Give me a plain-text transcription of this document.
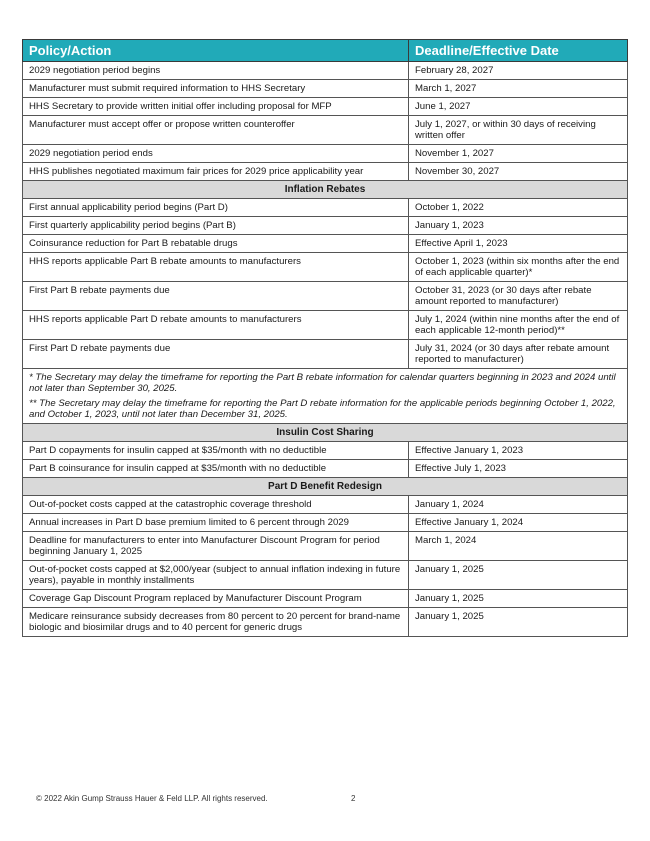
Policy/Action	Deadline/Effective Date
2029 negotiation period begins	February 28, 2027
Manufacturer must submit required information to HHS Secretary	March 1, 2027
HHS Secretary to provide written initial offer including proposal for MFP	June 1, 2027
Manufacturer must accept offer or propose written counteroffer	July 1, 2027, or within 30 days of receiving written offer
2029 negotiation period ends	November 1, 2027
HHS publishes negotiated maximum fair prices for 2029 price applicability year	November 30, 2027
Inflation Rebates	
First annual applicability period begins (Part D)	October 1, 2022
First quarterly applicability period begins (Part B)	January 1, 2023
Coinsurance reduction for Part B rebatable drugs	Effective April 1, 2023
HHS reports applicable Part B rebate amounts to manufacturers	October 1, 2023 (within six months after the end of each applicable quarter)*
First Part B rebate payments due	October 31, 2023 (or 30 days after rebate amount reported to manufacturer)
HHS reports applicable Part D rebate amounts to manufacturers	July 1, 2024 (within nine months after the end of each applicable 12-month period)**
First Part D rebate payments due	July 31, 2024 (or 30 days after rebate amount reported to manufacturer)

* The Secretary may delay the timeframe for reporting the Part B rebate information for calendar quarters beginning in 2023 and 2024 until not later than September 30, 2025.

** The Secretary may delay the timeframe for reporting the Part D rebate information for the applicable periods beginning October 1, 2022, and October 1, 2023, until not later than December 31, 2025.	

Insulin Cost Sharing	
Part D copayments for insulin capped at $35/month with no deductible	Effective January 1, 2023
Part B coinsurance for insulin capped at $35/month with no deductible	Effective July 1, 2023
Part D Benefit Redesign	
Out-of-pocket costs capped at the catastrophic coverage threshold	January 1, 2024
Annual increases in Part D base premium limited to 6 percent through 2029	Effective January 1, 2024
Deadline for manufacturers to enter into Manufacturer Discount Program for period beginning January 1, 2025	March 1, 2024
Out-of-pocket costs capped at $2,000/year (subject to annual inflation indexing in future years), payable in monthly installments	January 1, 2025
Coverage Gap Discount Program replaced by Manufacturer Discount Program	January 1, 2025
Medicare reinsurance subsidy decreases from 80 percent to 20 percent for brand-name biologic and biosimilar drugs and to 40 percent for generic drugs	January 1, 2025
© 2022 Akin Gump Strauss Hauer & Feld LLP. All rights reserved.	2
